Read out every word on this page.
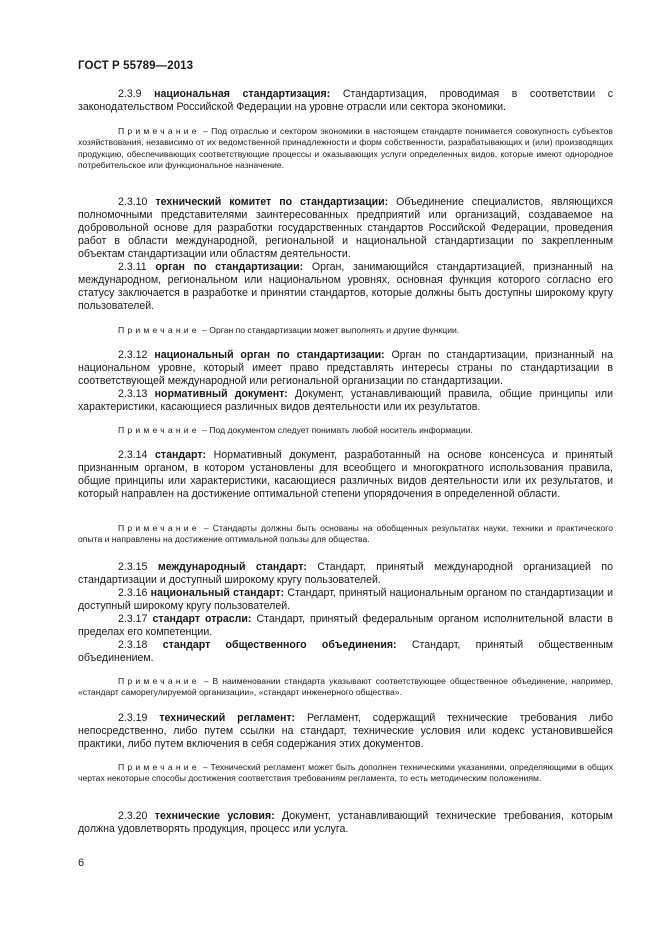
ГОСТ Р 55789—2013
2.3.9 национальная стандартизация: Стандартизация, проводимая в соответствии с законодательством Российской Федерации на уровне отрасли или сектора экономики.
Примечание – Под отраслью и сектором экономики в настоящем стандарте понимается совокупность субъектов хозяйствования, независимо от их ведомственной принадлежности и форм собственности, разрабатывающих и (или) производящих продукцию, обеспечивающих соответствующие процессы и оказывающих услуги определенных видов, которые имеют однородное потребительское или функциональное назначение.
2.3.10 технический комитет по стандартизации: Объединение специалистов, являющихся полномочными представителями заинтересованных предприятий или организаций, создаваемое на добровольной основе для разработки государственных стандартов Российской Федерации, проведения работ в области международной, региональной и национальной стандартизации по закрепленным объектам стандартизации или областям деятельности.
2.3.11 орган по стандартизации: Орган, занимающийся стандартизацией, признанный на международном, региональном или национальном уровнях, основная функция которого согласно его статусу заключается в разработке и принятии стандартов, которые должны быть доступны широкому кругу пользователей.
Примечание – Орган по стандартизации может выполнять и другие функции.
2.3.12 национальный орган по стандартизации: Орган по стандартизации, признанный на национальном уровне, который имеет право представлять интересы страны по стандартизации в соответствующей международной или региональной организации по стандартизации.
2.3.13 нормативный документ: Документ, устанавливающий правила, общие принципы или характеристики, касающиеся различных видов деятельности или их результатов.
Примечание – Под документом следует понимать любой носитель информации.
2.3.14 стандарт: Нормативный документ, разработанный на основе консенсуса и принятый признанным органом, в котором установлены для всеобщего и многократного использования правила, общие принципы или характеристики, касающиеся различных видов деятельности или их результатов, и который направлен на достижение оптимальной степени упорядочения в определенной области.
Примечание – Стандарты должны быть основаны на обобщенных результатах науки, техники и практического опыта и направлены на достижение оптимальной пользы для общества.
2.3.15 международный стандарт: Стандарт, принятый международной организацией по стандартизации и доступный широкому кругу пользователей.
2.3.16 национальный стандарт: Стандарт, принятый национальным органом по стандартизации и доступный широкому кругу пользователей.
2.3.17 стандарт отрасли: Стандарт, принятый федеральным органом исполнительной власти в пределах его компетенции.
2.3.18 стандарт общественного объединения: Стандарт, принятый общественным объединением.
Примечание – В наименовании стандарта указывают соответствующее общественное объединение, например, «стандарт саморегулируемой организации», «стандарт инженерного общества».
2.3.19 технический регламент: Регламент, содержащий технические требования либо непосредственно, либо путем ссылки на стандарт, технические условия или кодекс установившейся практики, либо путем включения в себя содержания этих документов.
Примечание – Технический регламент может быть дополнен техническими указаниями, определяющими в общих чертах некоторые способы достижения соответствия требованиям регламента, то есть методическим положениям.
2.3.20 технические условия: Документ, устанавливающий технические требования, которым должна удовлетворять продукция, процесс или услуга.
6
